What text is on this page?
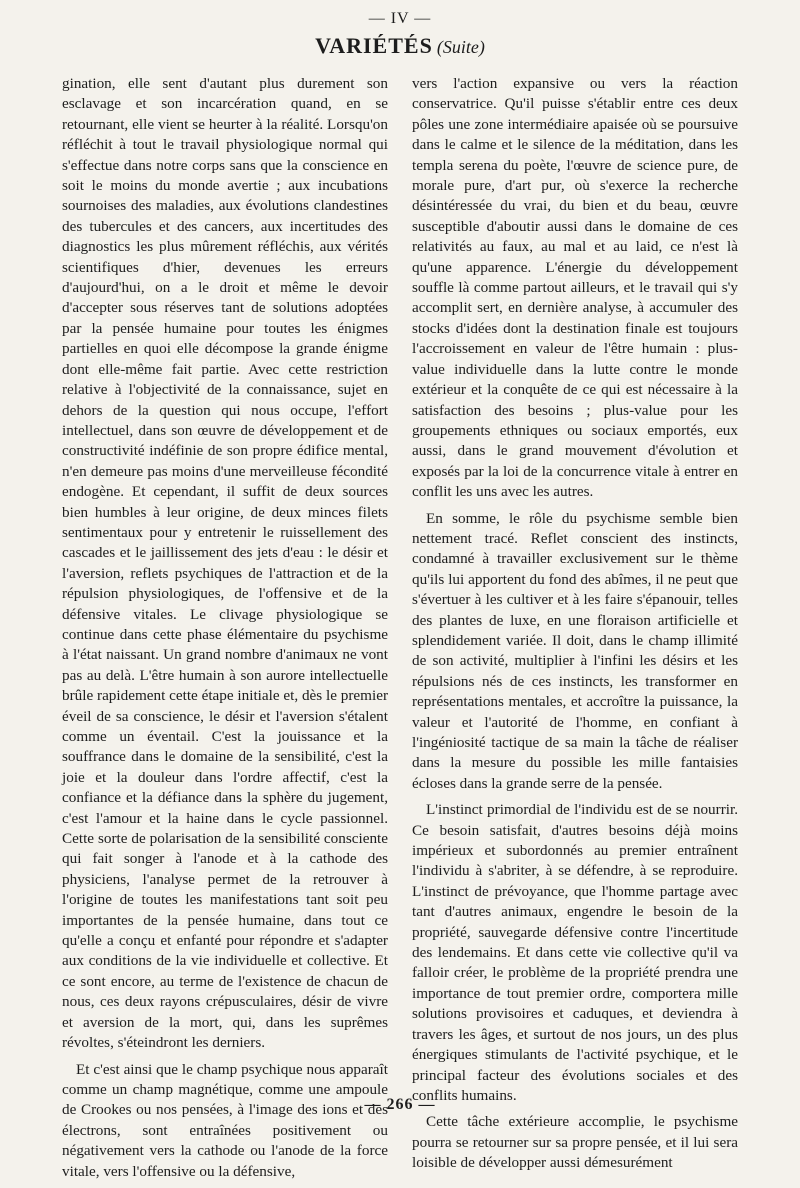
— IV —
VARIÉTÉS (Suite)

gination, elle sent d'autant plus durement son esclavage et son incarcération quand, en se retournant, elle vient se heurter à la réalité. Lorsqu'on réfléchit à tout le travail physiologique normal qui s'effectue dans notre corps sans que la conscience en soit le moins du monde avertie ; aux incubations sournoises des maladies, aux évolutions clandestines des tubercules et des cancers, aux incertitudes des diagnostics les plus mûrement réfléchis, aux vérités scientifiques d'hier, devenues les erreurs d'aujourd'hui, on a le droit et même le devoir d'accepter sous réserves tant de solutions adoptées par la pensée humaine pour toutes les énigmes partielles en quoi elle décompose la grande énigme dont elle-même fait partie. Avec cette restriction relative à l'objectivité de la connaissance, sujet en dehors de la question qui nous occupe, l'effort intellectuel, dans son œuvre de développement et de constructivité indéfinie de son propre édifice mental, n'en demeure pas moins d'une merveilleuse fécondité endogène. Et cependant, il suffit de deux sources bien humbles à leur origine, de deux minces filets sentimentaux pour y entretenir le ruissellement des cascades et le jaillissement des jets d'eau : le désir et l'aversion, reflets psychiques de l'attraction et de la répulsion physiologiques, de l'offensive et de la défensive vitales. Le clivage physiologique se continue dans cette phase élémentaire du psychisme à l'état naissant. Un grand nombre d'animaux ne vont pas au delà. L'être humain à son aurore intellectuelle brûle rapidement cette étape initiale et, dès le premier éveil de sa conscience, le désir et l'aversion s'étalent comme un éventail. C'est la jouissance et la souffrance dans le domaine de la sensibilité, c'est la joie et la douleur dans l'ordre affectif, c'est la confiance et la défiance dans la sphère du jugement, c'est l'amour et la haine dans le cycle passionnel. Cette sorte de polarisation de la sensibilité consciente qui fait songer à l'anode et à la cathode des physiciens, l'analyse permet de la retrouver à l'origine de toutes les manifestations tant soit peu importantes de la pensée humaine, dans tout ce qu'elle a conçu et enfanté pour répondre et s'adapter aux conditions de la vie individuelle et collective. Et ce sont encore, au terme de l'existence de chacun de nous, ces deux rayons crépusculaires, désir de vivre et aversion de la mort, qui, dans les suprêmes révoltes, s'éteindront les derniers.

Et c'est ainsi que le champ psychique nous apparaît comme un champ magnétique, comme une ampoule de Crookes ou nos pensées, à l'image des ions et des électrons, sont entraînées positivement ou négativement vers la cathode ou l'anode de la force vitale, vers l'offensive ou la défensive,

vers l'action expansive ou vers la réaction conservatrice. Qu'il puisse s'établir entre ces deux pôles une zone intermédiaire apaisée où se poursuive dans le calme et le silence de la méditation, dans les templa serena du poète, l'œuvre de science pure, de morale pure, d'art pur, où s'exerce la recherche désintéressée du vrai, du bien et du beau, œuvre susceptible d'aboutir aussi dans le domaine de ces relativités au faux, au mal et au laid, ce n'est là qu'une apparence. L'énergie du développement souffle là comme partout ailleurs, et le travail qui s'y accomplit sert, en dernière analyse, à accumuler des stocks d'idées dont la destination finale est toujours l'accroissement en valeur de l'être humain : plus-value individuelle dans la lutte contre le monde extérieur et la conquête de ce qui est nécessaire à la satisfaction des besoins ; plus-value pour les groupements ethniques ou sociaux emportés, eux aussi, dans le grand mouvement d'évolution et exposés par la loi de la concurrence vitale à entrer en conflit les uns avec les autres.

En somme, le rôle du psychisme semble bien nettement tracé. Reflet conscient des instincts, condamné à travailler exclusivement sur le thème qu'ils lui apportent du fond des abîmes, il ne peut que s'évertuer à les cultiver et à les faire s'épanouir, telles des plantes de luxe, en une floraison artificielle et splendidement variée. Il doit, dans le champ illimité de son activité, multiplier à l'infini les désirs et les répulsions nés de ces instincts, les transformer en représentations mentales, et accroître la puissance, la valeur et l'autorité de l'homme, en confiant à l'ingéniosité tactique de sa main la tâche de réaliser dans la mesure du possible les mille fantaisies écloses dans la grande serre de la pensée.

L'instinct primordial de l'individu est de se nourrir. Ce besoin satisfait, d'autres besoins déjà moins impérieux et subordonnés au premier entraînent l'individu à s'abriter, à se défendre, à se reproduire. L'instinct de prévoyance, que l'homme partage avec tant d'autres animaux, engendre le besoin de la propriété, sauvegarde défensive contre l'incertitude des lendemains. Et dans cette vie collective qu'il va falloir créer, le problème de la propriété prendra une importance de tout premier ordre, comportera mille solutions provisoires et caduques, et deviendra à travers les âges, et surtout de nos jours, un des plus énergiques stimulants de l'activité psychique, et le principal facteur des évolutions sociales et des conflits humains.

Cette tâche extérieure accomplie, le psychisme pourra se retourner sur sa propre pensée, et il lui sera loisible de développer aussi démesurément

— 266 —
